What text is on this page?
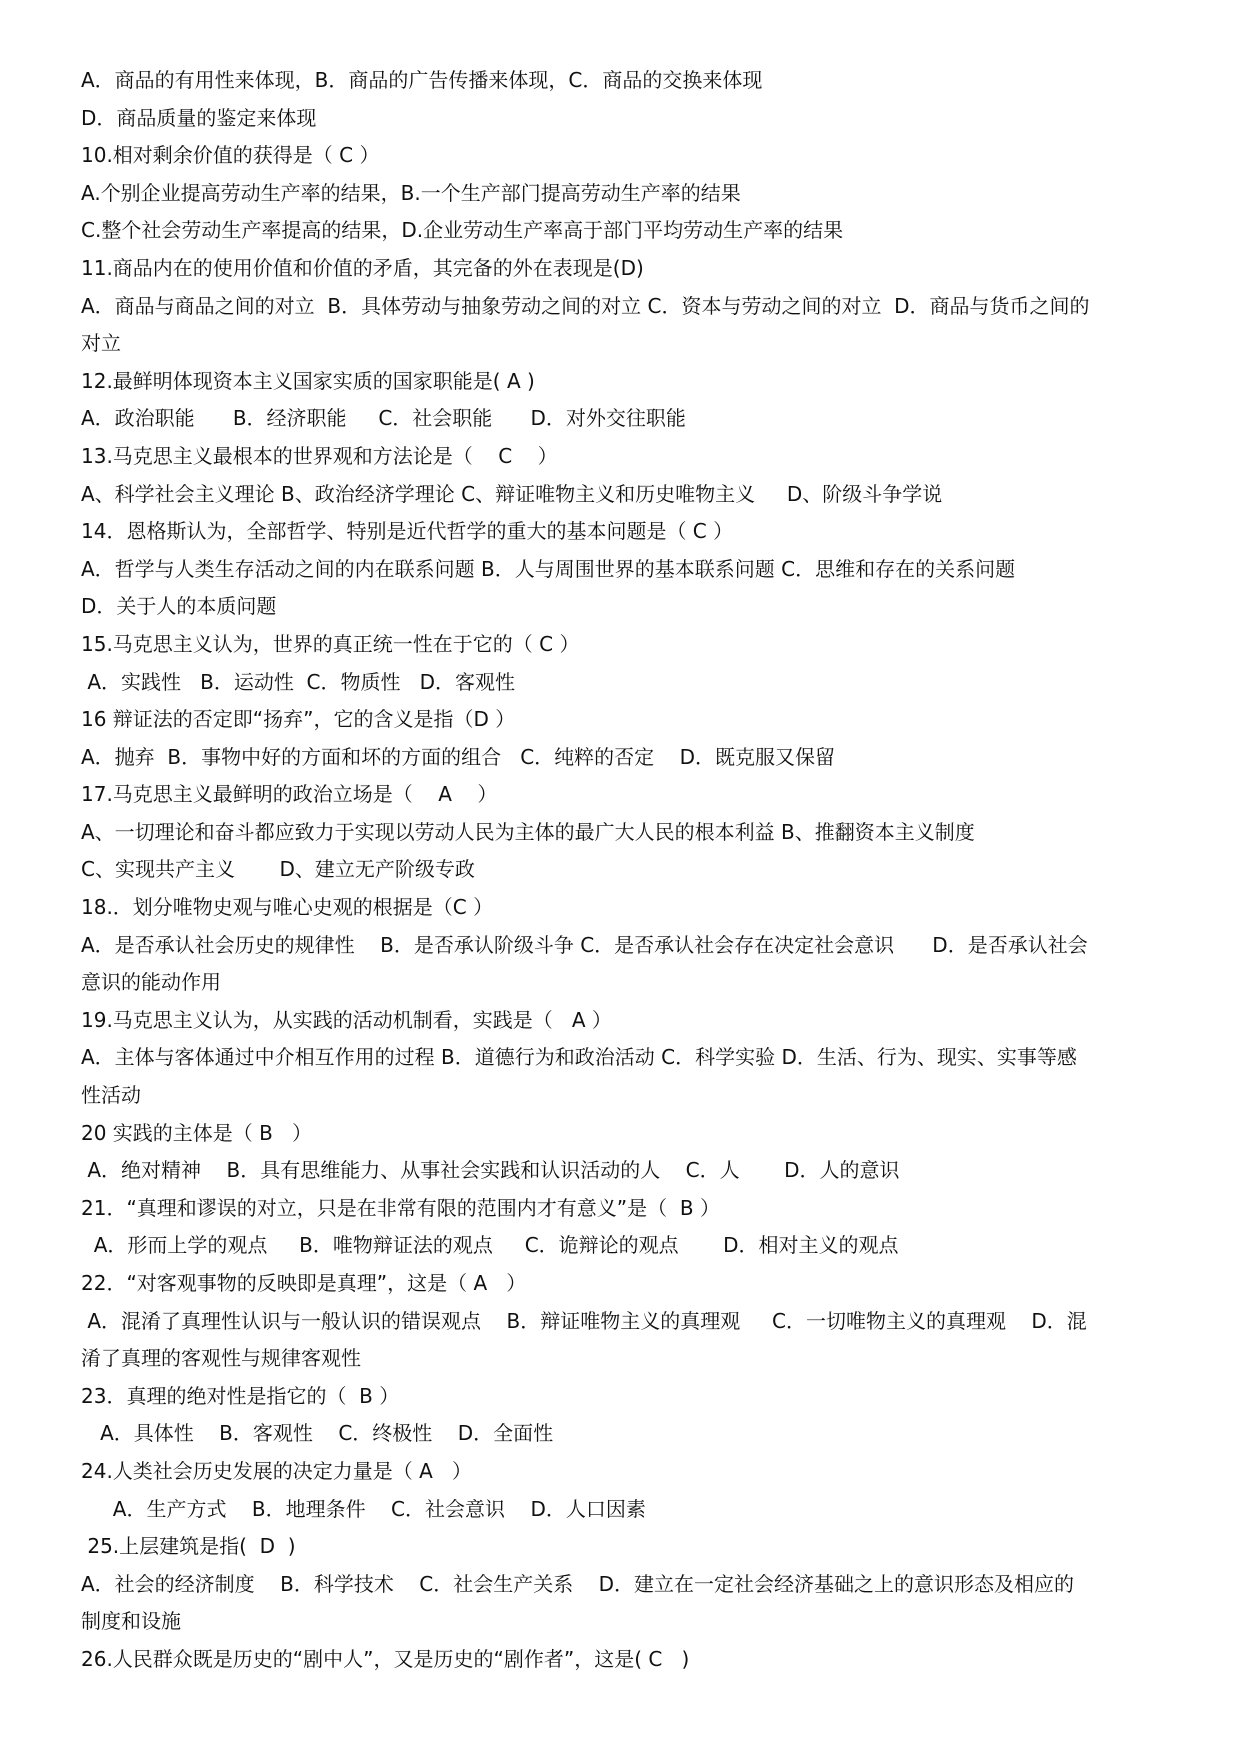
A．商品的有用性来体现，B．商品的广告传播来体现，C．商品的交换来体现
D．商品质量的鉴定来体现
10.相对剩余价值的获得是（ C ）
A.个别企业提高劳动生产率的结果，B.一个生产部门提高劳动生产率的结果
C.整个社会劳动生产率提高的结果，D.企业劳动生产率高于部门平均劳动生产率的结果
11.商品内在的使用价值和价值的矛盾，其完备的外在表现是(D)
A．商品与商品之间的对立  B．具体劳动与抽象劳动之间的对立 C．资本与劳动之间的对立  D．商品与货币之间的
对立
12.最鲜明体现资本主义国家实质的国家职能是( A )
A．政治职能      B．经济职能     C．社会职能      D．对外交往职能
13.马克思主义最根本的世界观和方法论是（    C    ）
A、科学社会主义理论 B、政治经济学理论 C、辩证唯物主义和历史唯物主义     D、阶级斗争学说
14．恩格斯认为，全部哲学、特别是近代哲学的重大的基本问题是（ C ）
A．哲学与人类生存活动之间的内在联系问题 B．人与周围世界的基本联系问题 C．思维和存在的关系问题
D．关于人的本质问题
15.马克思主义认为，世界的真正统一性在于它的（ C ）
A．实践性   B．运动性  C．物质性   D．客观性
16 辩证法的否定即“扬弃”，它的含义是指（D ）
A．抛弃  B．事物中好的方面和坏的方面的组合   C．纯粹的否定    D．既克服又保留
17.马克思主义最鲜明的政治立场是（    A    ）
A、一切理论和奋斗都应致力于实现以劳动人民为主体的最广大人民的根本利益 B、推翻资本主义制度
C、实现共产主义       D、建立无产阶级专政
18.．划分唯物史观与唯心史观的根据是（C ）
A．是否承认社会历史的规律性    B．是否承认阶级斗争 C．是否承认社会存在决定社会意识      D．是否承认社会
意识的能动作用
19.马克思主义认为，从实践的活动机制看，实践是（   A ）
A．主体与客体通过中介相互作用的过程 B．道德行为和政治活动 C．科学实验 D．生活、行为、现实、实事等感
性活动
20 实践的主体是（ B   ）
A．绝对精神    B．具有思维能力、从事社会实践和认识活动的人    C．人       D．人的意识
21．“真理和谬误的对立，只是在非常有限的范围内才有意义”是（  B ）
A．形而上学的观点     B．唯物辩证法的观点     C．诡辩论的观点       D．相对主义的观点
22．“对客观事物的反映即是真理”，这是（ A   ）
A．混淆了真理性认识与一般认识的错误观点    B．辩证唯物主义的真理观     C．一切唯物主义的真理观    D．混
淆了真理的客观性与规律客观性
23．真理的绝对性是指它的（  B ）
A．具体性    B．客观性    C．终极性    D．全面性
24.人类社会历史发展的决定力量是（ A   ）
A．生产方式    B．地理条件    C．社会意识    D．人口因素
25.上层建筑是指(  D  )
A．社会的经济制度    B．科学技术    C．社会生产关系    D．建立在一定社会经济基础之上的意识形态及相应的
制度和设施
26.人民群众既是历史的“剧中人”，又是历史的“剧作者”，这是( C   )
